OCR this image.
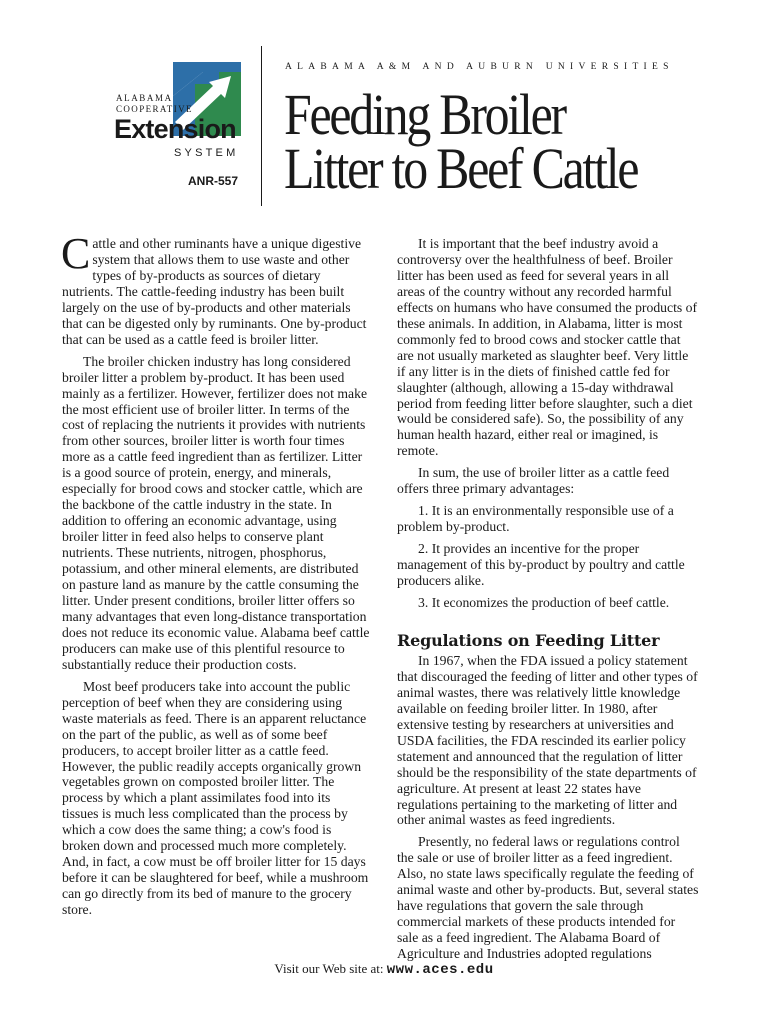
ALABAMA
COOPERATIVE
Extension
SYSTEM
ANR-557
ALABAMA A&M AND AUBURN UNIVERSITIES
Feeding Broiler
Litter to Beef Cattle

Cattle and other ruminants have a unique digestive system that allows them to use waste and other types of by-products as sources of dietary nutrients. The cattle-feeding industry has been built largely on the use of by-products and other materials that can be digested only by ruminants. One by-product that can be used as a cattle feed is broiler litter.

The broiler chicken industry has long considered broiler litter a problem by-product. It has been used mainly as a fertilizer. However, fertilizer does not make the most efficient use of broiler litter. In terms of the cost of replacing the nutrients it provides with nutrients from other sources, broiler litter is worth four times more as a cattle feed ingredient than as fertilizer. Litter is a good source of protein, energy, and minerals, especially for brood cows and stocker cattle, which are the backbone of the cattle industry in the state. In addition to offering an economic advantage, using broiler litter in feed also helps to conserve plant nutrients. These nutrients, nitrogen, phosphorus, potassium, and other mineral elements, are distributed on pasture land as manure by the cattle consuming the litter. Under present conditions, broiler litter offers so many advantages that even long-distance transportation does not reduce its economic value. Alabama beef cattle producers can make use of this plentiful resource to substantially reduce their production costs.

Most beef producers take into account the public perception of beef when they are considering using waste materials as feed. There is an apparent reluctance on the part of the public, as well as of some beef producers, to accept broiler litter as a cattle feed. However, the public readily accepts organically grown vegetables grown on composted broiler litter. The process by which a plant assimilates food into its tissues is much less complicated than the process by which a cow does the same thing; a cow's food is broken down and processed much more completely. And, in fact, a cow must be off broiler litter for 15 days before it can be slaughtered for beef, while a mushroom can go directly from its bed of manure to the grocery store.

It is important that the beef industry avoid a controversy over the healthfulness of beef. Broiler litter has been used as feed for several years in all areas of the country without any recorded harmful effects on humans who have consumed the products of these animals. In addition, in Alabama, litter is most commonly fed to brood cows and stocker cattle that are not usually marketed as slaughter beef. Very little if any litter is in the diets of finished cattle fed for slaughter (although, allowing a 15-day withdrawal period from feeding litter before slaughter, such a diet would be considered safe). So, the possibility of any human health hazard, either real or imagined, is remote.

In sum, the use of broiler litter as a cattle feed offers three primary advantages:

1. It is an environmentally responsible use of a problem by-product.

2. It provides an incentive for the proper management of this by-product by poultry and cattle producers alike.

3. It economizes the production of beef cattle.

Regulations on Feeding Litter

In 1967, when the FDA issued a policy statement that discouraged the feeding of litter and other types of animal wastes, there was relatively little knowledge available on feeding broiler litter. In 1980, after extensive testing by researchers at universities and USDA facilities, the FDA rescinded its earlier policy statement and announced that the regulation of litter should be the responsibility of the state departments of agriculture. At present at least 22 states have regulations pertaining to the marketing of litter and other animal wastes as feed ingredients.

Presently, no federal laws or regulations control the sale or use of broiler litter as a feed ingredient. Also, no state laws specifically regulate the feeding of animal waste and other by-products. But, several states have regulations that govern the sale through commercial markets of these products intended for sale as a feed ingredient. The Alabama Board of Agriculture and Industries adopted regulations

Visit our Web site at: www.aces.edu
